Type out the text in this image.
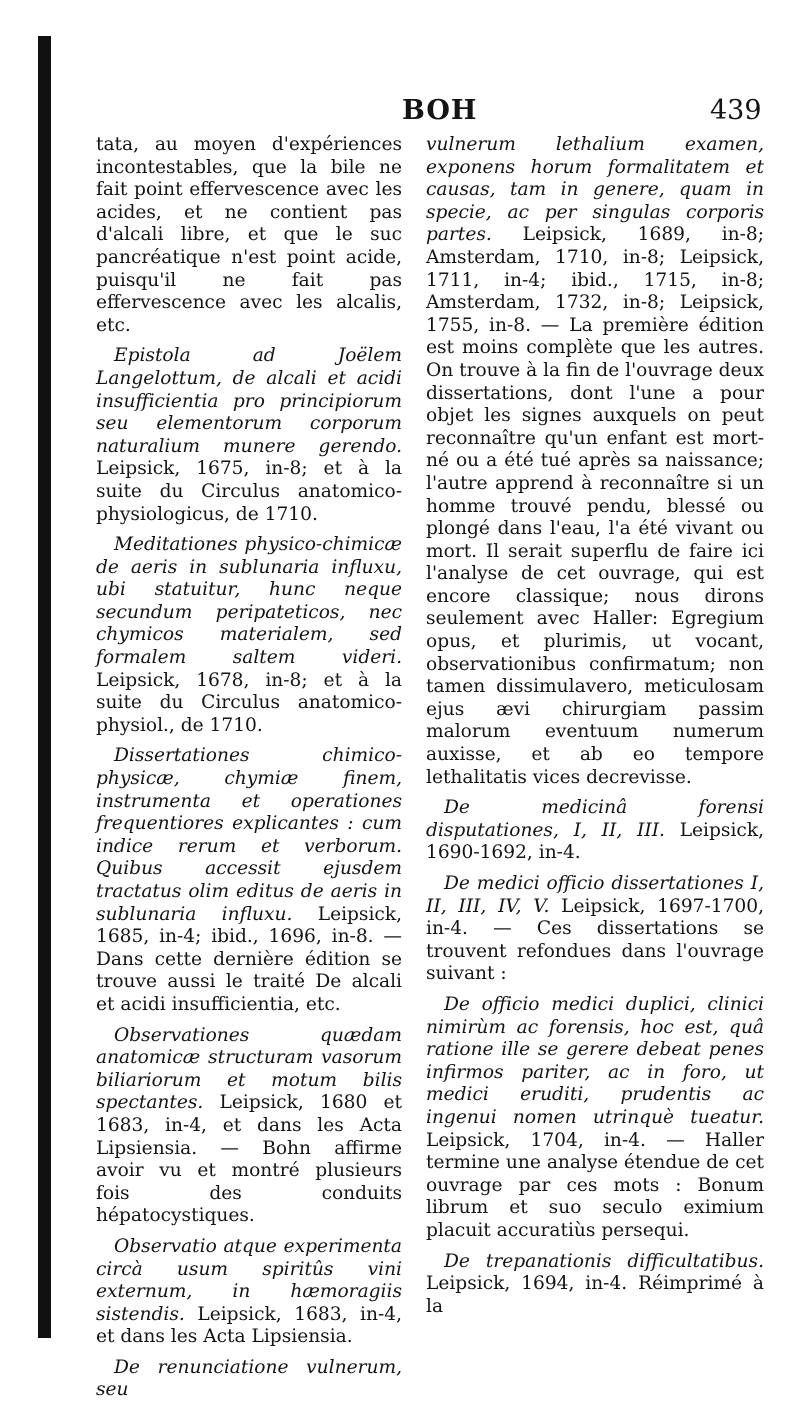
BOH	439

tata, au moyen d'expériences incontestables, que la bile ne fait point effervescence avec les acides, et ne contient pas d'alcali libre, et que le suc pancréatique n'est point acide, puisqu'il ne fait pas effervescence avec les alcalis, etc.

Epistola ad Joëlem Langelottum, de alcali et acidi insufficientia pro principiorum seu elementorum corporum naturalium munere gerendo. Leipsick, 1675, in-8; et à la suite du Circulus anatomico-physiologicus, de 1710.

Meditationes physico-chimicæ de aeris in sublunaria influxu, ubi statuitur, hunc neque secundum peripateticos, nec chymicos materialem, sed formalem saltem videri. Leipsick, 1678, in-8; et à la suite du Circulus anatomico-physiol., de 1710.

Dissertationes chimico-physicæ, chymiæ finem, instrumenta et operationes frequentiores explicantes : cum indice rerum et verborum. Quibus accessit ejusdem tractatus olim editus de aeris in sublunaria influxu. Leipsick, 1685, in-4; ibid., 1696, in-8. — Dans cette dernière édition se trouve aussi le traité De alcali et acidi insufficientia, etc.

Observationes quædam anatomicæ structuram vasorum biliariorum et motum bilis spectantes. Leipsick, 1680 et 1683, in-4, et dans les Acta Lipsiensia. — Bohn affirme avoir vu et montré plusieurs fois des conduits hépatocystiques.

Observatio atque experimenta circà usum spiritûs vini externum, in hæmoragiis sistendis. Leipsick, 1683, in-4, et dans les Acta Lipsiensia.

De renunciatione vulnerum, seu

vulnerum lethalium examen, exponens horum formalitatem et causas, tam in genere, quam in specie, ac per singulas corporis partes. Leipsick, 1689, in-8; Amsterdam, 1710, in-8; Leipsick, 1711, in-4; ibid., 1715, in-8; Amsterdam, 1732, in-8; Leipsick, 1755, in-8. — La première édition est moins complète que les autres. On trouve à la fin de l'ouvrage deux dissertations, dont l'une a pour objet les signes auxquels on peut reconnaître qu'un enfant est mort-né ou a été tué après sa naissance; l'autre apprend à reconnaître si un homme trouvé pendu, blessé ou plongé dans l'eau, l'a été vivant ou mort. Il serait superflu de faire ici l'analyse de cet ouvrage, qui est encore classique; nous dirons seulement avec Haller: Egregium opus, et plurimis, ut vocant, observationibus confirmatum; non tamen dissimulavero, meticulosam ejus ævi chirurgiam passim malorum eventuum numerum auxisse, et ab eo tempore lethalitatis vices decrevisse.

De medicinâ forensi disputationes, I, II, III. Leipsick, 1690-1692, in-4.

De medici officio dissertationes I, II, III, IV, V. Leipsick, 1697-1700, in-4. — Ces dissertations se trouvent refondues dans l'ouvrage suivant :

De officio medici duplici, clinici nimirùm ac forensis, hoc est, quâ ratione ille se gerere debeat penes infirmos pariter, ac in foro, ut medici eruditi, prudentis ac ingenui nomen utrinquè tueatur. Leipsick, 1704, in-4. — Haller termine une analyse étendue de cet ouvrage par ces mots : Bonum librum et suo seculo eximium placuit accuratiùs persequi.

De trepanationis difficultatibus. Leipsick, 1694, in-4. Réimprimé à la
